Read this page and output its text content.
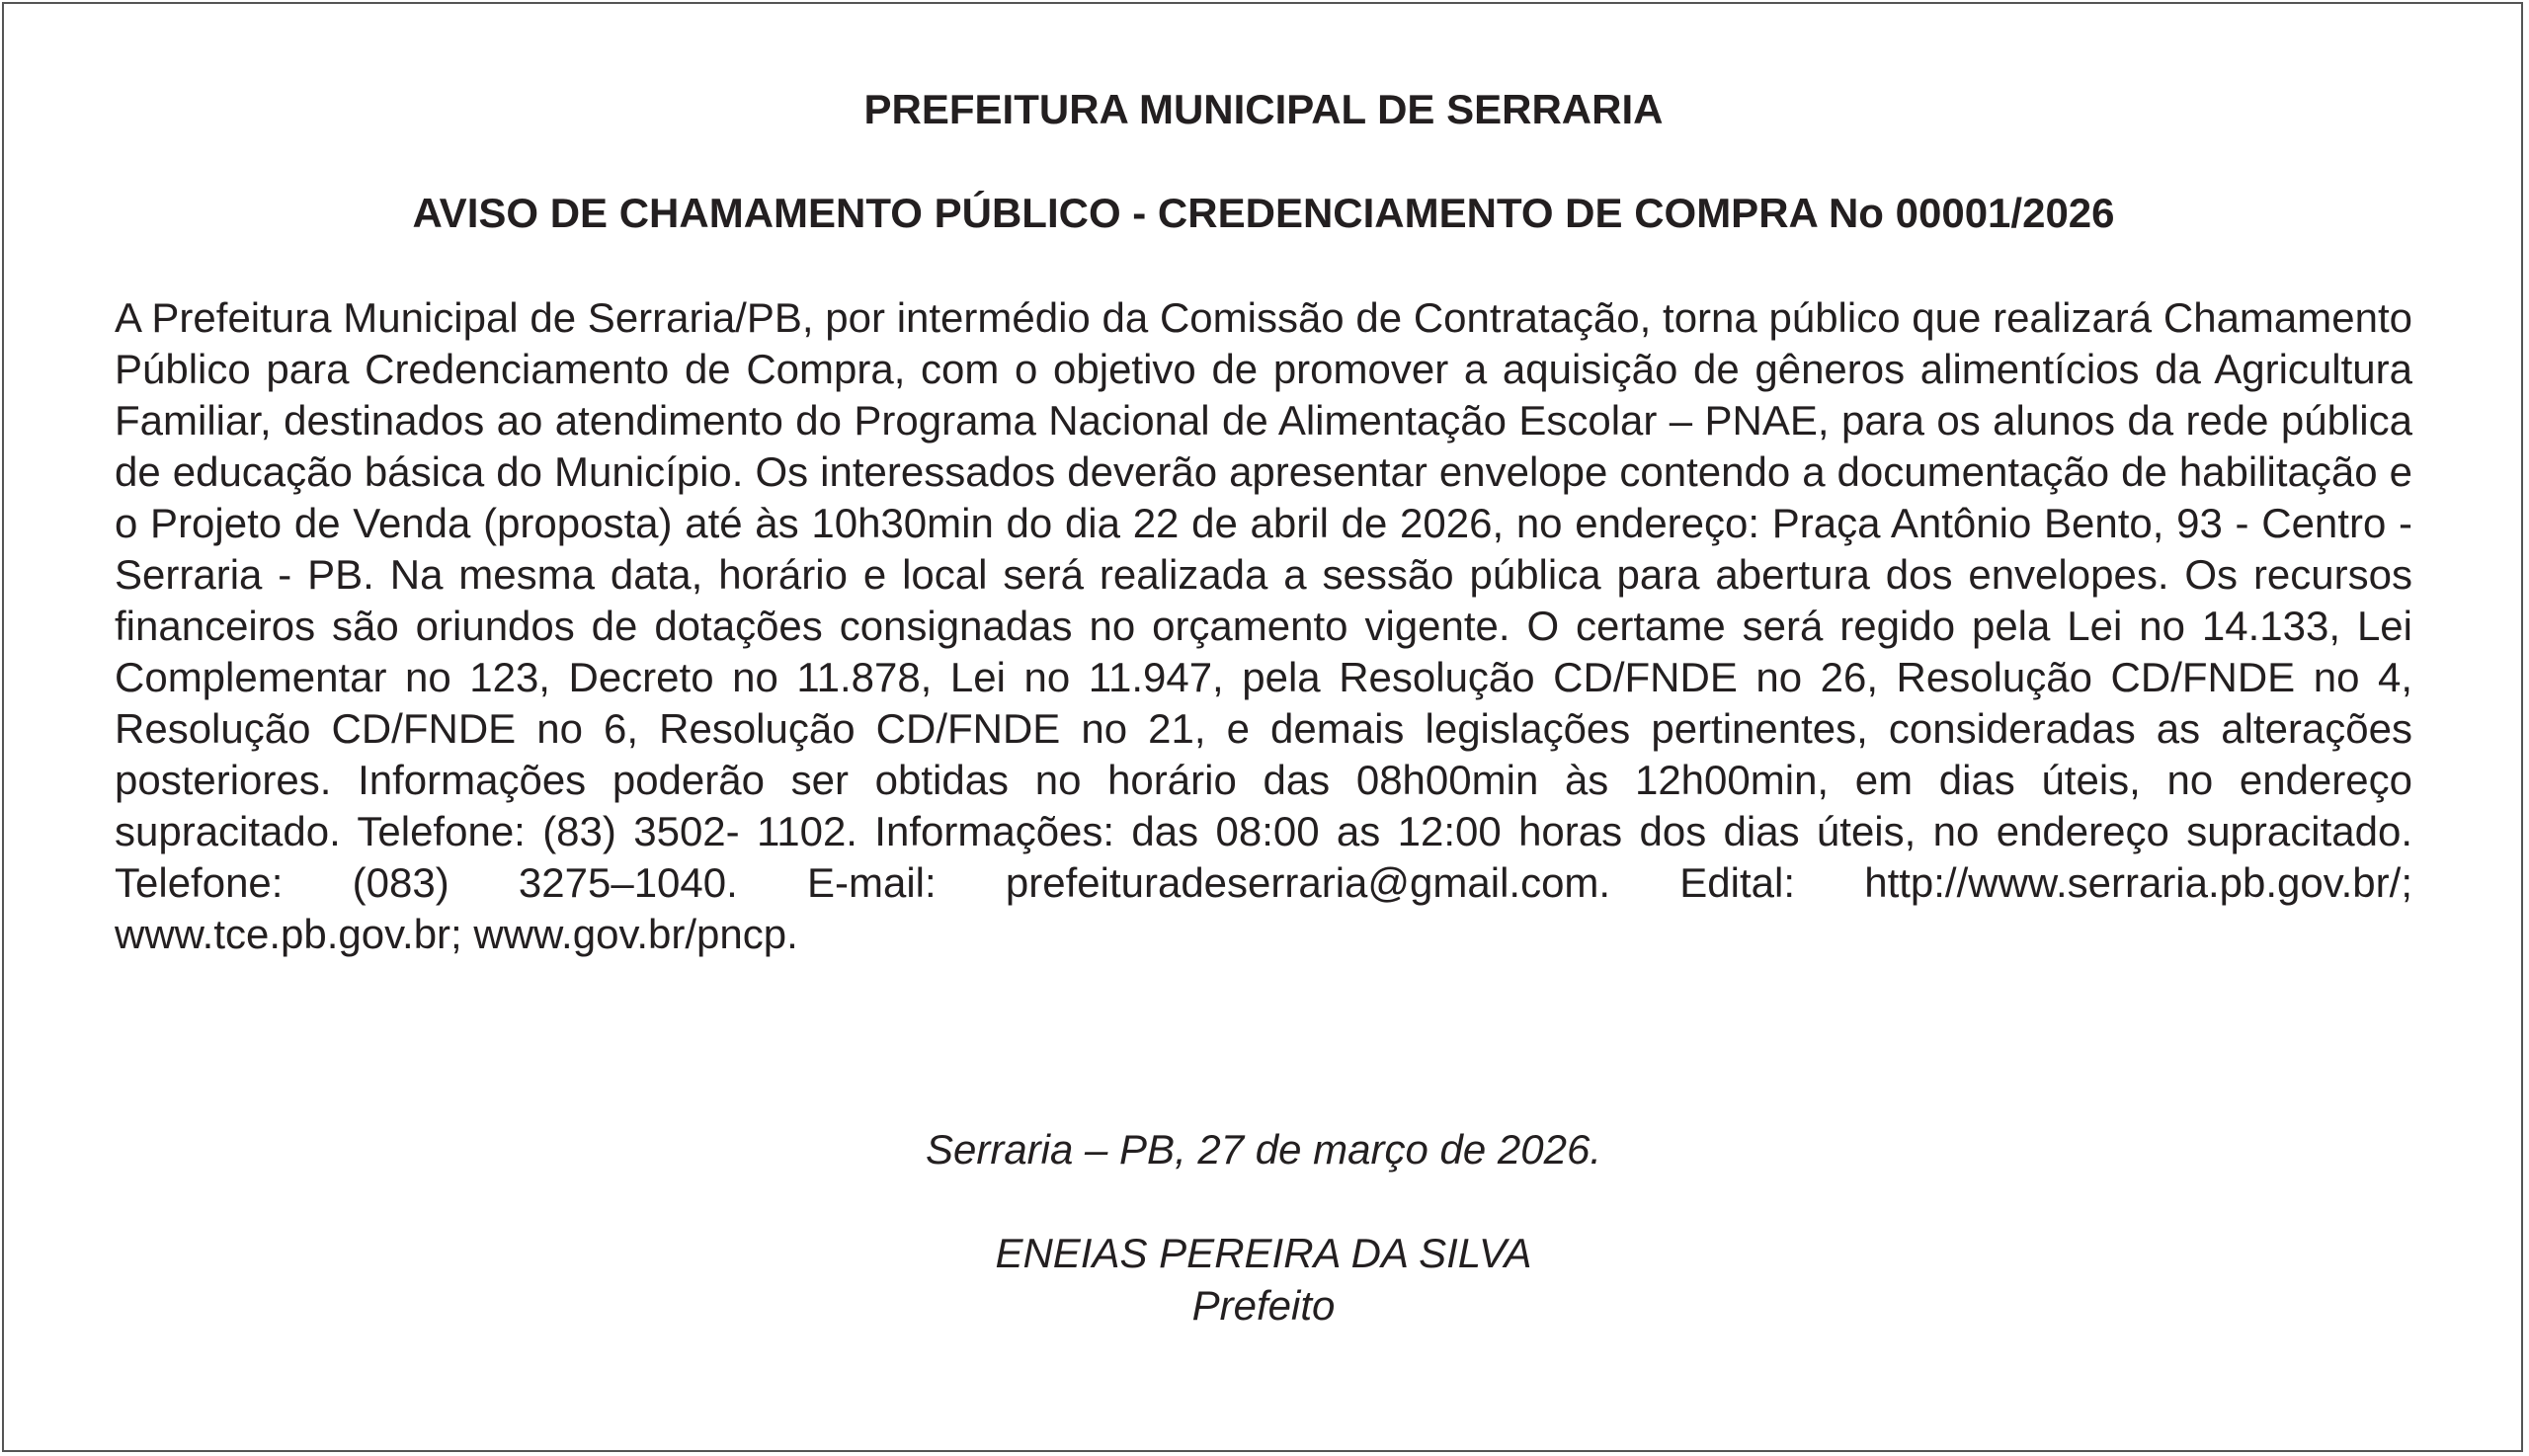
PREFEITURA MUNICIPAL DE SERRARIA
AVISO DE CHAMAMENTO PÚBLICO - CREDENCIAMENTO DE COMPRA No 00001/2026

A Prefeitura Municipal de Serraria/PB, por intermédio da Comissão de Contratação, torna público que realizará Chamamento Público para Credenciamento de Compra, com o objetivo de promover a aquisição de gêneros alimentícios da Agricultura Familiar, destinados ao atendimento do Programa Nacional de Alimentação Escolar – PNAE, para os alunos da rede pública de educação básica do Município. Os interessados deverão apresentar envelope contendo a documentação de habilitação e o Projeto de Venda (proposta) até às 10h30min do dia 22 de abril de 2026, no endereço: Praça Antônio Bento, 93 - Centro - Serraria - PB. Na mesma data, horário e local será realizada a sessão pública para abertura dos envelopes. Os recursos financeiros são oriundos de dotações consignadas no orçamento vigente. O certame será regido pela Lei no 14.133, Lei Complementar no 123, Decreto no 11.878, Lei no 11.947, pela Resolução CD/FNDE no 26, Resolução CD/FNDE no 4, Resolução CD/FNDE no 6, Resolução CD/FNDE no 21, e demais legislações pertinentes, consideradas as alterações posteriores. Informações poderão ser obtidas no horário das 08h00min às 12h00min, em dias úteis, no endereço supracitado. Telefone: (83) 3502- 1102. Informações: das 08:00 as 12:00 horas dos dias úteis, no endereço supracitado. Telefone: (083) 3275–1040. E-mail: prefeituradeserraria@gmail.com. Edital: http://www.serraria.pb.gov.br/; www.tce.pb.gov.br; www.gov.br/pncp.

Serraria – PB, 27 de março de 2026.

ENEIAS PEREIRA DA SILVA

Prefeito
